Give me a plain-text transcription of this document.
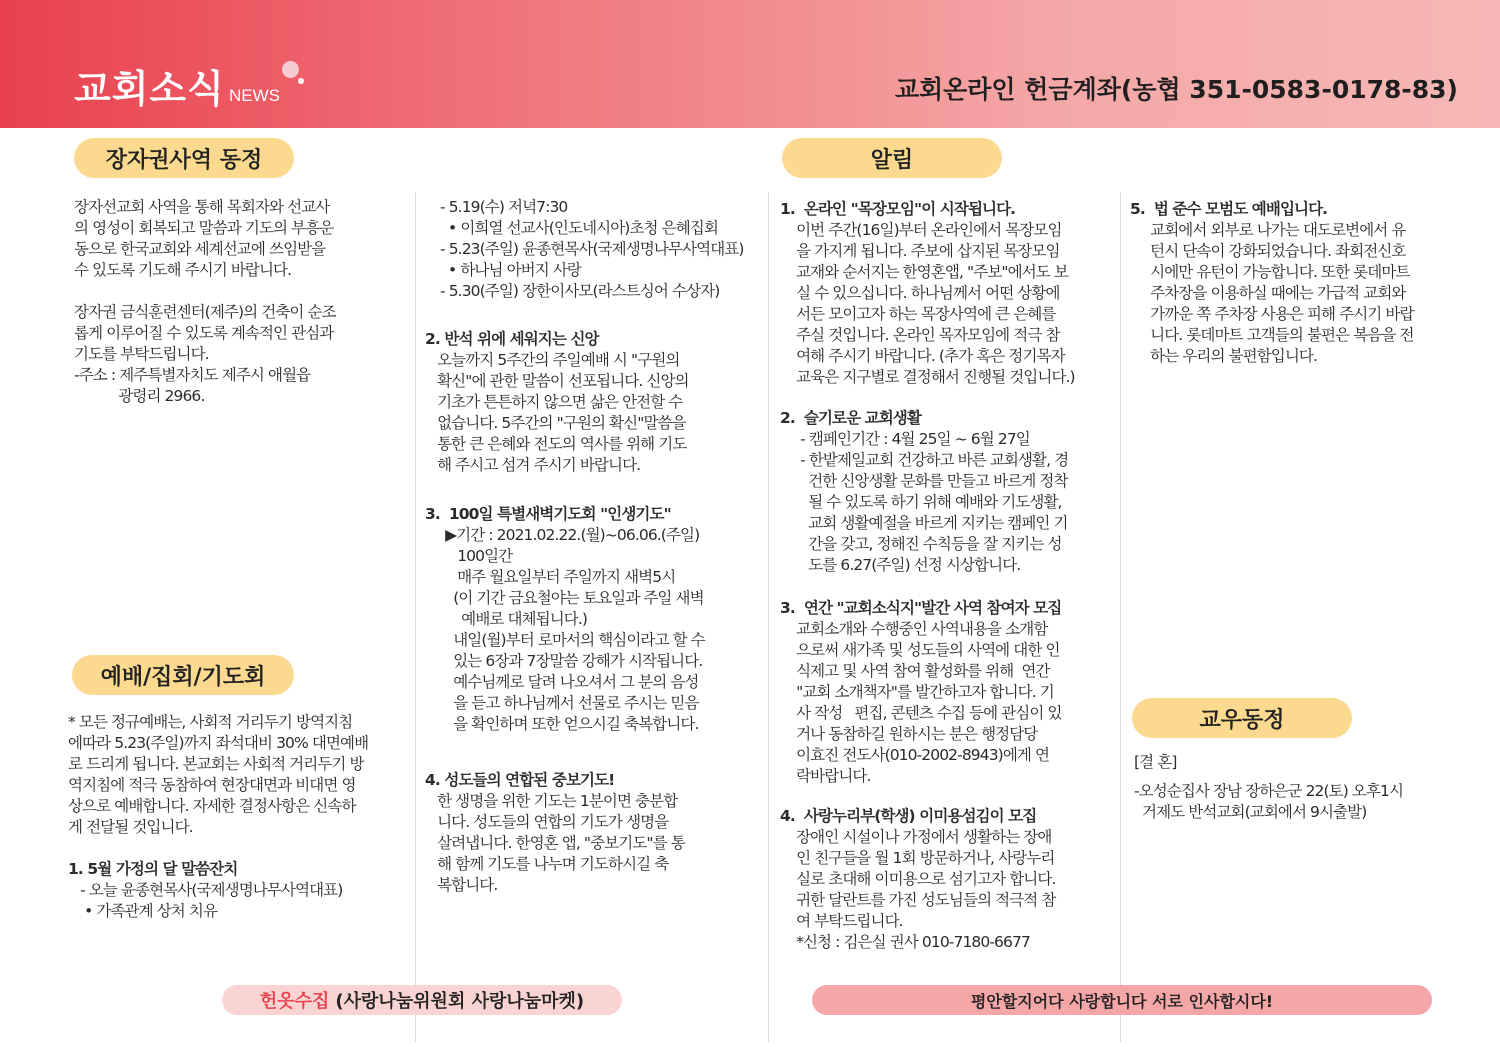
교회소식 NEWS	교회온라인 헌금계좌(농협 351-0583-0178-83)
장자권사역 동정	알림
예배/집회/기도회
교우동정

장자선교회 사역을 통해 목회자와 선교사

의 영성이 회복되고 말씀과 기도의 부흥운

동으로 한국교회와 세계선교에 쓰임받을

수 있도록 기도해 주시기 바랍니다.

장자권 금식훈련센터(제주)의 건축이 순조

롭게 이루어질 수 있도록 계속적인 관심과

기도를 부탁드립니다.

-주소 : 제주특별자치도 제주시 애월읍

광령리 2966.

* 모든 정규예배는, 사회적 거리두기 방역지침

에따라 5.23(주일)까지 좌석대비 30% 대면예배

로 드리게 됩니다. 본교회는 사회적 거리두기 방

역지침에 적극 동참하여 현장대면과 비대면 영

상으로 예배합니다. 자세한 결정사항은 신속하

게 전달될 것입니다.

1. 5월 가정의 달 말씀잔치

- 오늘 윤종현목사(국제생명나무사역대표)

• 가족관계 상처 치유

- 5.19(수) 저녁7:30

• 이희열 선교사(인도네시아)초청 은혜집회

- 5.23(주일) 윤종현목사(국제생명나무사역대표)

• 하나님 아버지 사랑

- 5.30(주일) 장한이사모(라스트싱어 수상자)

2. 반석 위에 세워지는 신앙

오늘까지 5주간의 주일예배 시 "구원의

확신"에 관한 말씀이 선포됩니다. 신앙의

기초가 튼튼하지 않으면 삶은 안전할 수

없습니다. 5주간의 "구원의 확신"말씀을

통한 큰 은혜와 전도의 역사를 위해 기도

해 주시고 섬겨 주시기 바랍니다.

3.  100일 특별새벽기도회 "인생기도"

▶기간 : 2021.02.22.(월)~06.06.(주일)

100일간

매주 월요일부터 주일까지 새벽5시

(이 기간 금요철야는 토요일과 주일 새벽

예배로 대체됩니다.)

내일(월)부터 로마서의 핵심이라고 할 수

있는 6장과 7장말씀 강해가 시작됩니다.

예수님께로 달려 나오셔서 그 분의 음성

을 듣고 하나님께서 선물로 주시는 믿음

을 확인하며 또한 얻으시길 축복합니다.

4. 성도들의 연합된 중보기도!

한 생명을 위한 기도는 1분이면 충분합

니다. 성도들의 연합의 기도가 생명을

살려냅니다. 한영혼 앱, "중보기도"를 통

해 함께 기도를 나누며 기도하시길 축

복합니다.

1.  온라인 "목장모임"이 시작됩니다.

이번 주간(16일)부터 온라인에서 목장모임

을 가지게 됩니다. 주보에 삽지된 목장모임

교재와 순서지는 한영혼앱, "주보"에서도 보

실 수 있으십니다. 하나님께서 어떤 상황에

서든 모이고자 하는 목장사역에 큰 은혜를

주실 것입니다. 온라인 목자모임에 적극 참

여해 주시기 바랍니다. (추가 혹은 정기목자

교육은 지구별로 결정해서 진행될 것입니다.)

2.  슬기로운 교회생활

- 캠페인기간 : 4월 25일 ~ 6월 27일

- 한밭제일교회 건강하고 바른 교회생활, 경

건한 신앙생활 문화를 만들고 바르게 정착

될 수 있도록 하기 위해 예배와 기도생활,

교회 생활예절을 바르게 지키는 캠페인 기

간을 갖고, 정해진 수칙등을 잘 지키는 성

도를 6.27(주일) 선정 시상합니다.

3.  연간 "교회소식지"발간 사역 참여자 모집

교회소개와 수행중인 사역내용을 소개함

으로써 새가족 및 성도들의 사역에 대한 인

식제고 및 사역 참여 활성화를 위해  연간

"교회 소개책자"를 발간하고자 합니다. 기

사 작성   편집, 콘텐츠 수집 등에 관심이 있

거나 동참하길 원하시는 분은 행정담당

이효진 전도사(010-2002-8943)에게 연

락바랍니다.

4.  사랑누리부(학생) 이미용섬김이 모집

장애인 시설이나 가정에서 생활하는 장애

인 친구들을 월 1회 방문하거나, 사랑누리

실로 초대해 이미용으로 섬기고자 합니다.

귀한 달란트를 가진 성도님들의 적극적 참

여 부탁드립니다.

*신청 : 김은실 권사 010-7180-6677

5.  법 준수 모범도 예배입니다.

교회에서 외부로 나가는 대도로변에서 유

턴시 단속이 강화되었습니다. 좌회전신호

시에만 유턴이 가능합니다. 또한 롯데마트

주차장을 이용하실 때에는 가급적 교회와

가까운 쪽 주차장 사용은 피해 주시기 바랍

니다. 롯데마트 고객들의 불편은 복음을 전

하는 우리의 불편함입니다.

[결 혼]

-오성순집사 장남 장하은군 22(토) 오후1시

거제도 반석교회(교회에서 9시출발)

헌옷수집 (사랑나눔위원회 사랑나눔마켓)	평안할지어다 사랑합니다 서로 인사합시다!
